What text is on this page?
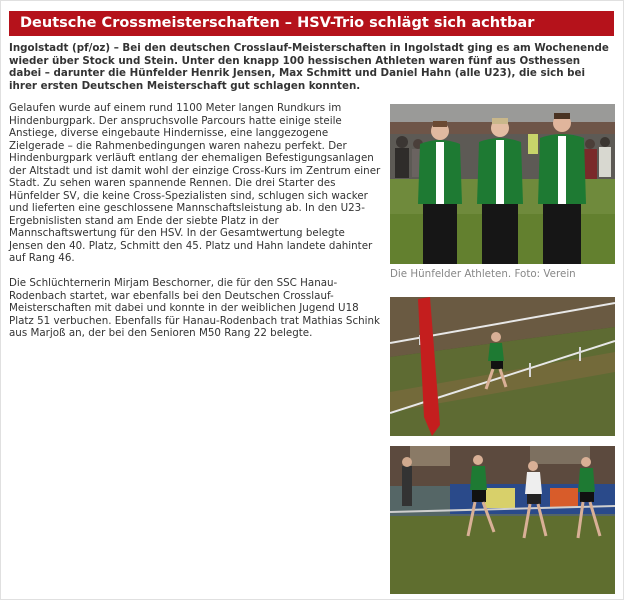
Deutsche Crossmeisterschaften – HSV-Trio schlägt sich achtbar
Ingolstadt (pf/oz) – Bei den deutschen Crosslauf-Meisterschaften in Ingolstadt ging es am Wochenende wieder über Stock und Stein. Unter den knapp 100 hessischen Athleten waren fünf aus Osthessen dabei – darunter die Hünfelder Henrik Jensen, Max Schmitt und Daniel Hahn (alle U23), die sich bei ihrer ersten Deutschen Meisterschaft gut schlagen konnten.

Gelaufen wurde auf einem rund 1100 Meter langen Rundkurs im Hindenburgpark. Der anspruchsvolle Parcours hatte einige steile Anstiege, diverse eingebaute Hindernisse, eine langgezogene Zielgerade – die Rahmenbedingungen waren nahezu perfekt. Der Hindenburgpark verläuft entlang der ehemaligen Befestigungsanlagen der Altstadt und ist damit wohl der einzige Cross-Kurs im Zentrum einer Stadt. Zu sehen waren spannende Rennen. Die drei Starter des Hünfelder SV, die keine Cross-Spezialisten sind, schlugen sich wacker und lieferten eine geschlossene Mannschaftsleistung ab. In den U23-Ergebnislisten stand am Ende der siebte Platz in der Mannschaftswertung für den HSV. In der Gesamtwertung belegte Jensen den 40. Platz, Schmitt den 45. Platz und Hahn landete dahinter auf Rang 46.

Die Schlüchternerin Mirjam Beschorner, die für den SSC Hanau-Rodenbach startet, war ebenfalls bei den Deutschen Crosslauf-Meisterschaften mit dabei und konnte in der weiblichen Jugend U18 Platz 51 verbuchen. Ebenfalls für Hanau-Rodenbach trat Mathias Schink aus Marjoß an, der bei den Senioren M50 Rang 22 belegte.

Die Hünfelder Athleten. Foto: Verein
